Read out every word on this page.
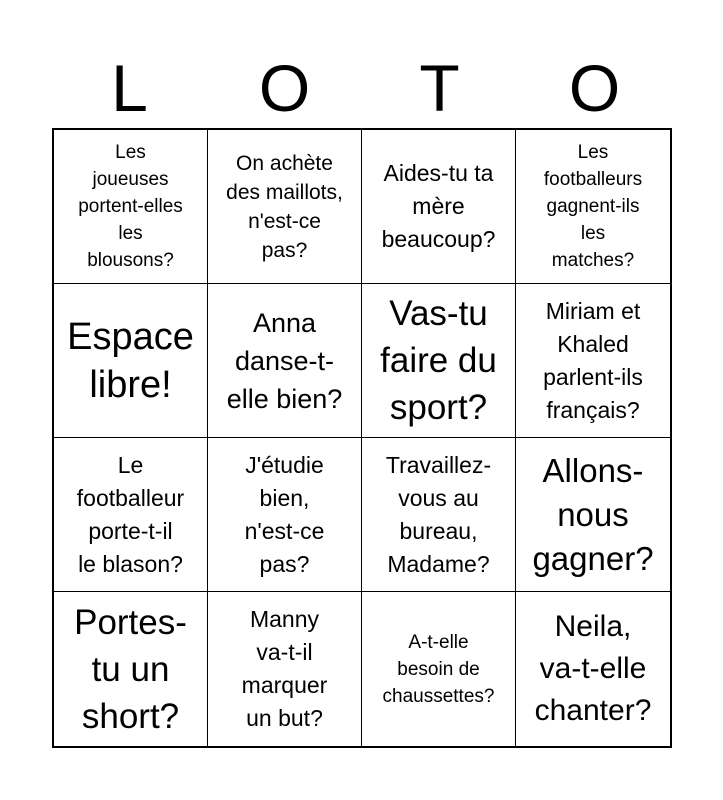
L	O	T	O
Les
joueuses
portent-elles
les
blousons?
On achète
des maillots,
n'est-ce
pas?
Aides-tu ta
mère
beaucoup?
Les
footballeurs
gagnent-ils
les
matches?
Espace
libre!
Anna
danse-t-
elle bien?
Vas-tu
faire du
sport?
Miriam et
Khaled
parlent-ils
français?
Le
footballeur
porte-t-il
le blason?
J'étudie
bien,
n'est-ce
pas?
Travaillez-
vous au
bureau,
Madame?
Allons-
nous
gagner?
Portes-
tu un
short?
Manny
va-t-il
marquer
un but?
A-t-elle
besoin de
chaussettes?
Neila,
va-t-elle
chanter?
